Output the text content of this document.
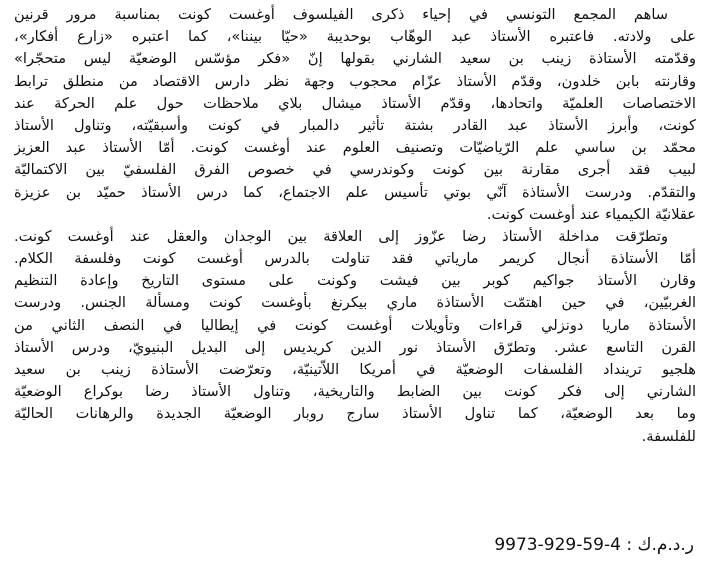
ساهم المجمع التونسي في إحياء ذكرى الفيلسوف أوغست كونت بمناسبة مرور قرنين
على ولادته. فاعتبره الأستاذ عبد الوهّاب بوحديبة «حيّا بيننا»، كما اعتبره «زارع أفكار»،
وقدّمته الأستاذة زينب بن سعيد الشارني بقولها إنّ «فكر مؤسّس الوضعيّة ليس متحجّرا»
وقارنته بابن خلدون، وقدّم الأستاذ عزّام محجوب وجهة نظر دارس الاقتصاد من منطلق ترابط
الاختصاصات العلميّة واتحادها، وقدّم الأستاذ ميشال بلاي ملاحظات حول علم الحركة عند
كونت، وأبرز الأستاذ عبد القادر بشتة تأثير دالمبار في كونت وأسبقيّته، وتناول الأستاذ
محمّد بن ساسي علم الرّياضيّات وتصنيف العلوم عند أوغست كونت. أمّا الأستاذ عبد العزيز
لبيب فقد أجرى مقارنة بين كونت وكوندرسي في خصوص الفرق الفلسفيّ بين الاكتماليّة
والتقدّم. ودرست الأستاذة آنّي بوتي تأسيس علم الاجتماع، كما درس الأستاذ حميّد بن عزيزة
عقلانيّة الكيمياء عند أوغست كونت.
وتطرّقت مداخلة الأستاذ رضا عزّوز إلى العلاقة بين الوجدان والعقل عند أوغست كونت.
أمّا الأستاذة أنجال كريمر مارياتي فقد تناولت بالدرس أوغست كونت وفلسفة الكلام.
وقارن الأستاذ جواكيم كوبر بين فيشت وكونت على مستوى التاريخ وإعادة التنظيم
الغربيّين، في حين اهتمّت الأستاذة ماري بيكرنغ بأوغست كونت ومسألة الجنس. ودرست
الأستاذة ماريا دونزلي قراءات وتأويلات أوغست كونت في إيطاليا في النصف الثاني من
القرن التاسع عشر. وتطرّق الأستاذ نور الدين كريديس إلى البديل البنيويّ، ودرس الأستاذ
هلجيو ترينداد الفلسفات الوضعيّة في أمريكا اللاّتينيّة، وتعرّضت الأستاذة زينب بن سعيد
الشارني إلى فكر كونت بين الضابط والتاريخية، وتناول الأستاذ رضا بوكراع الوضعيّة
وما بعد الوضعيّة، كما تناول الأستاذ سارج روبار الوضعيّة الجديدة والرهانات الحاليّة
للفلسفة.
ر.د.م.ك : 9973-929-59-4
